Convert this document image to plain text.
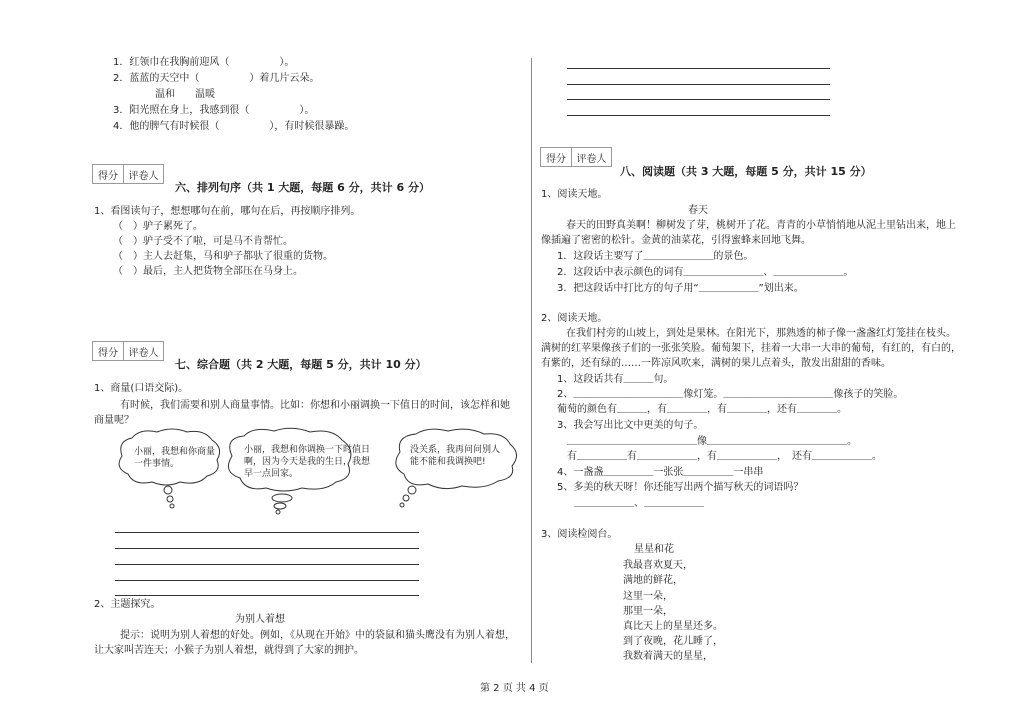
1．红领巾在我胸前迎风（　　　　　）。
2．蓝蓝的天空中（　　　　　）着几片云朵。
温和　　温暖
3．阳光照在身上，我感到很（　　　　　）。
4．他的脾气有时候很（　　　　　），有时候很暴躁。
得分	评卷人
六、排列句序（共 1 大题，每题 6 分，共计 6 分）
1、看图读句子，想想哪句在前，哪句在后，再按顺序排列。
（　）驴子累死了。
（　）驴子受不了啦，可是马不肯帮忙。
（　）主人去赶集，马和驴子都驮了很重的货物。
（　）最后，主人把货物全部压在马身上。
得分	评卷人
七、综合题（共 2 大题，每题 5 分，共计 10 分）
1、商量(口语交际)。
有时候，我们需要和别人商量事情。比如：你想和小丽调换一下值日的时间，该怎样和她
商量呢？
小丽，我想和你商量
一件事情。
小丽，我想和你调换一下时值日
啊，因为今天是我的生日，我想
早一点回家。
没关系，我再问问别人
能不能和我调换吧!
2、主题探究。
为别人着想
提示：说明为别人着想的好处。例如，《从现在开始》中的袋鼠和猫头鹰没有为别人着想，
让大家叫苦连天；小猴子为别人着想，就得到了大家的拥护。
得分	评卷人
八、阅读题（共 3 大题，每题 5 分，共计 15 分）
1、阅读天地。
春天
春天的田野真美啊！柳树发了芽，桃树开了花。青青的小草悄悄地从泥土里钻出来，地上
像插遍了密密的松针。金黄的油菜花，引得蜜蜂来回地飞舞。
1．这段话主要写了＿＿＿＿＿＿＿的景色。
2．这段话中表示颜色的词有＿＿＿＿＿＿＿＿、＿＿＿＿＿＿＿。
3．把这段话中打比方的句子用“＿＿＿＿＿＿”划出来。
2、阅读天地。
在我们村旁的山坡上，到处是果林。在阳光下，那熟透的柿子像一盏盏红灯笼挂在枝头。
满树的红苹果像孩子们的一张张笑脸。葡萄架下，挂着一大串一大串的葡萄，有红的，有白的，
有紫的，还有绿的……一阵凉风吹来，满树的果儿点着头，散发出甜甜的香味。
1、这段话共有＿＿＿句。
2、＿＿＿＿＿＿＿＿＿＿＿像灯笼。＿＿＿＿＿＿＿＿＿＿＿像孩子的笑脸。
葡萄的颜色有＿＿＿，有＿＿＿＿，有＿＿＿＿，还有＿＿＿＿。
3、我会写出比文中更美的句子。
＿＿＿＿＿＿＿＿＿＿＿＿＿像＿＿＿＿＿＿＿＿＿＿＿＿＿＿。
有＿＿＿＿＿有＿＿＿＿＿＿，有＿＿＿＿＿＿，　还有＿＿＿＿＿＿。
4、一盏盏＿＿＿＿＿一张张＿＿＿＿＿一串串
5、多美的秋天呀！你还能写出两个描写秋天的词语吗？
＿＿＿＿＿＿、＿＿＿＿＿＿
3、阅读检阅台。
星星和花
我最喜欢夏天，
满地的鲜花，
这里一朵，
那里一朵，
真比天上的星星还多。
到了夜晚，花儿睡了，
我数着满天的星星，
第 2 页 共 4 页
